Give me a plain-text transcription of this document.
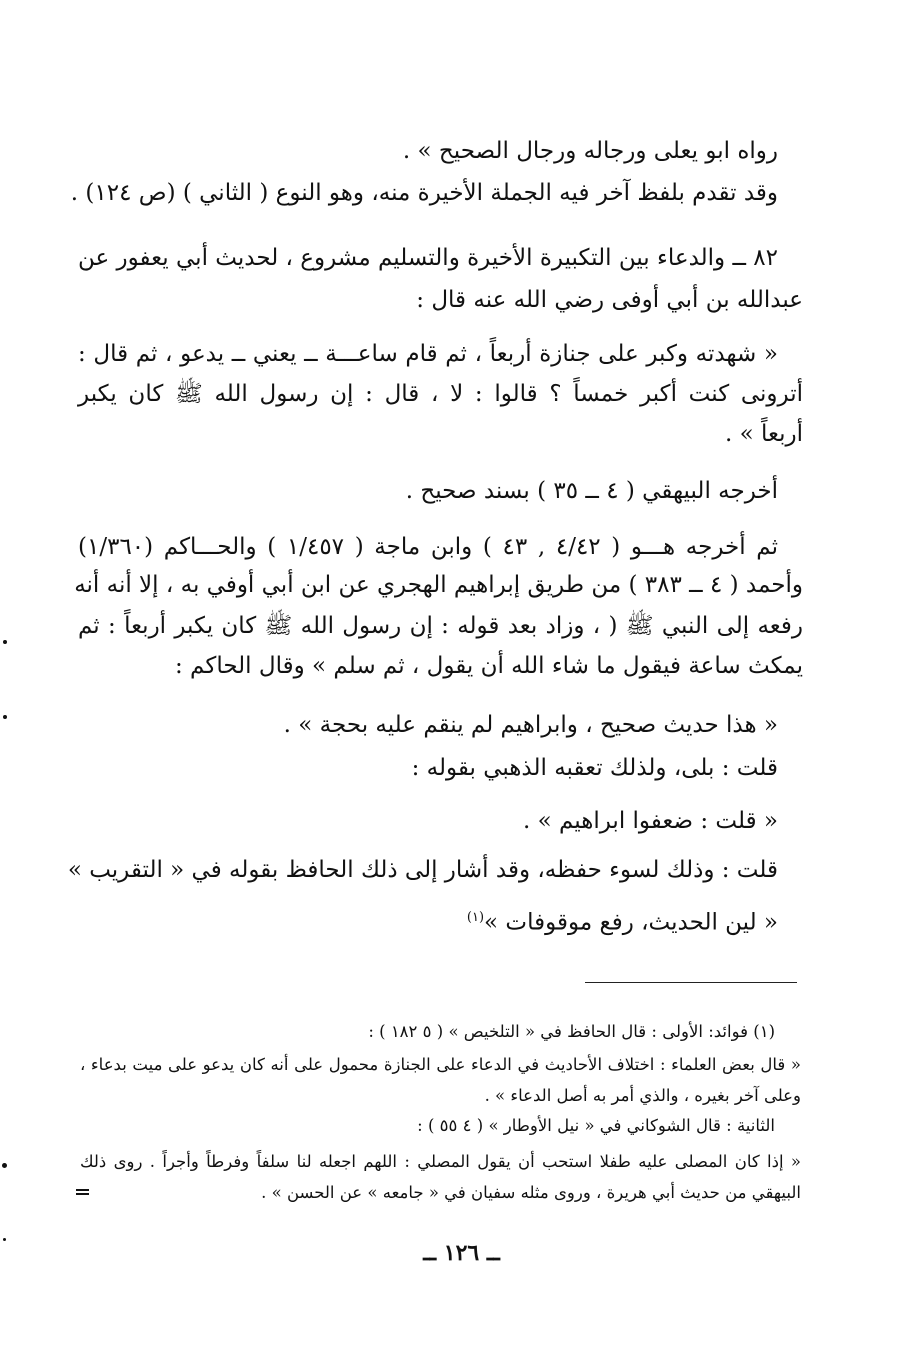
رواه ابو يعلى ورجاله ورجال الصحيح » .
وقد تقدم بلفظ آخر فيه الجملة الأخيرة منه، وهو النوع ( الثاني ) (ص ١٢٤) .
٨٢ ــ والدعاء بين التكبيرة الأخيرة والتسليم مشروع ، لحديث أبي يعفور عن
عبدالله بن أبي أوفى رضي الله عنه قال :
« شهدته وكبر على جنازة أربعاً ، ثم قام ساعـــة ــ يعني ــ يدعو ، ثم قال :
أترونى كنت أكبر خمساً ؟ قالوا : لا ، قال : إن رسول الله ﷺ كان يكبر
أربعاً » .
أخرجه البيهقي ( ٤ ــ ٣٥ ) بسند صحيح .
ثم أخرجه هـــو ( ٤/٤٢ , ٤٣ ) وابن ماجة ( ١/٤٥٧ ) والحـــاكم (١/٣٦٠)
وأحمد ( ٤ ــ ٣٨٣ ) من طريق إبراهيم الهجري عن ابن أبي أوفي به ، إلا أنه أنه
رفعه إلى النبي ﷺ ( ، وزاد بعد قوله : إن رسول الله ﷺ كان يكبر أربعاً : ثم
يمكث ساعة فيقول ما شاء الله أن يقول ، ثم سلم » وقال الحاكم :
« هذا حديث صحيح ، وابراهيم لم ينقم عليه بحجة » .
قلت : بلى، ولذلك تعقبه الذهبي بقوله :
« قلت : ضعفوا ابراهيم » .
قلت : وذلك لسوء حفظه، وقد أشار إلى ذلك الحافظ بقوله في « التقريب »
« لين الحديث، رفع موقوفات »$^{(١)}$
(١) فوائد: الأولى : قال الحافظ في « التلخيص » ( ٥ ١٨٢ ) :
« قال بعض العلماء : اختلاف الأحاديث في الدعاء على الجنازة محمول على أنه كان يدعو على ميت بدعاء ،
وعلى آخر بغيره ، والذي أمر به أصل الدعاء » .
الثانية : قال الشوكاني في « نيل الأوطار » ( ٤ ٥٥ ) :
« إذا كان المصلى عليه طفلا استحب أن يقول المصلي : اللهم اجعله لنا سلفاً وفرطاً وأجراً . روى ذلك
البيهقي من حديث أبي هريرة ، وروى مثله سفيان في « جامعه » عن الحسن » .
ــ ١٢٦ ــ
